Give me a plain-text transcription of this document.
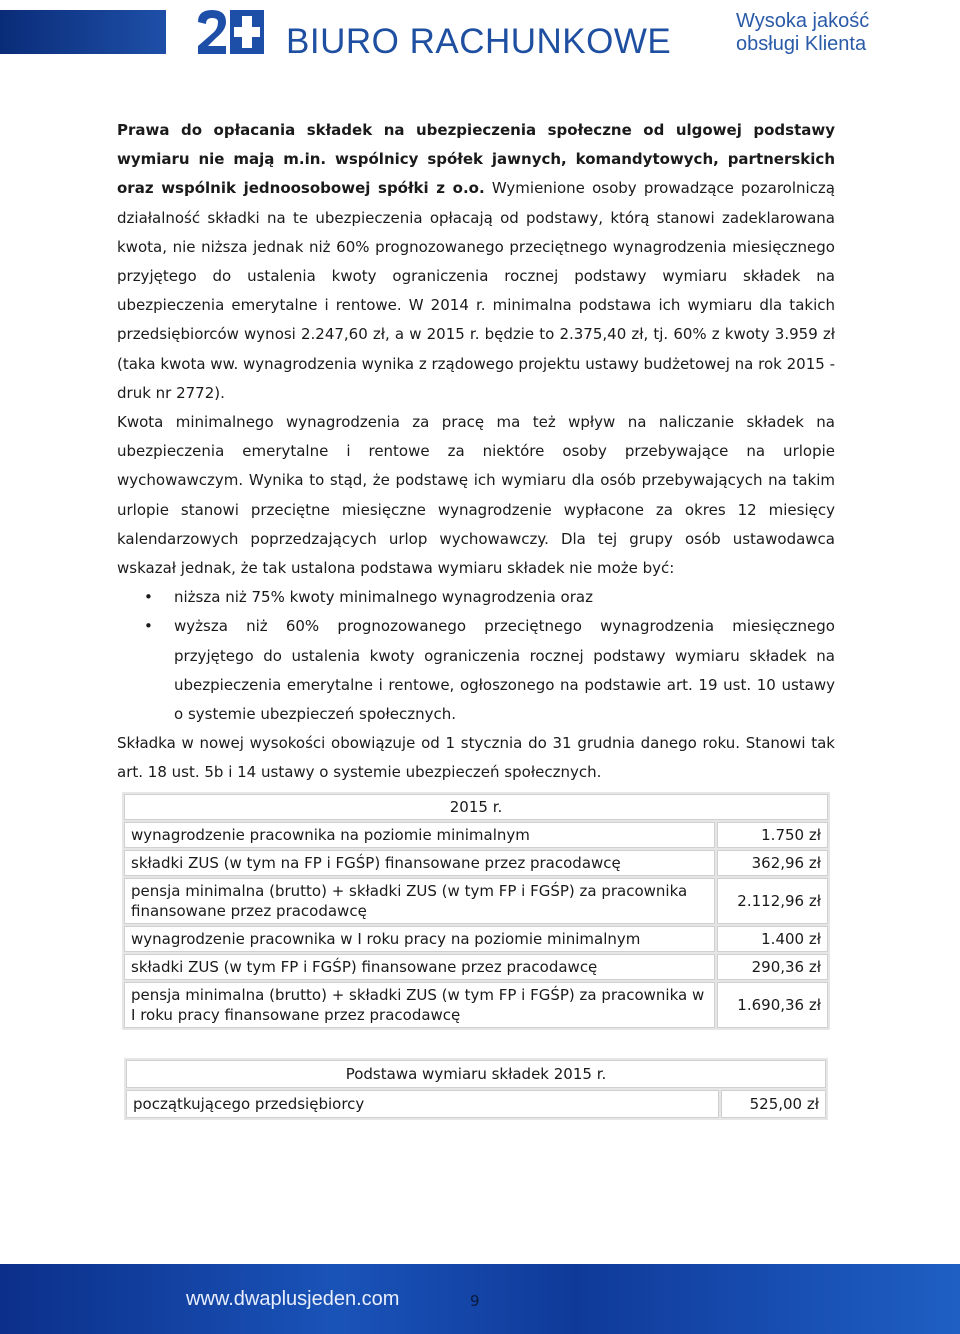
BIURO RACHUNKOWE
Wysoka jakość
obsługi Klienta

Prawa do opłacania składek na ubezpieczenia społeczne od ulgowej podstawy wymiaru nie mają m.in. wspólnicy spółek jawnych, komandytowych, partnerskich oraz wspólnik jednoosobowej spółki z o.o. Wymienione osoby prowadzące pozarolniczą działalność składki na te ubezpieczenia opłacają od podstawy, którą stanowi zadeklarowana kwota, nie niższa jednak niż 60% prognozowanego przeciętnego wynagrodzenia miesięcznego przyjętego do ustalenia kwoty ograniczenia rocznej podstawy wymiaru składek na ubezpieczenia emerytalne i rentowe. W 2014 r. minimalna podstawa ich wymiaru dla takich przedsiębiorców wynosi 2.247,60 zł, a w 2015 r. będzie to 2.375,40 zł, tj. 60% z kwoty 3.959 zł (taka kwota ww. wynagrodzenia wynika z rządowego projektu ustawy budżetowej na rok 2015 - druk nr 2772).

Kwota minimalnego wynagrodzenia za pracę ma też wpływ na naliczanie składek na ubezpieczenia emerytalne i rentowe za niektóre osoby przebywające na urlopie wychowawczym. Wynika to stąd, że podstawę ich wymiaru dla osób przebywających na takim urlopie stanowi przeciętne miesięczne wynagrodzenie wypłacone za okres 12 miesięcy kalendarzowych poprzedzających urlop wychowawczy. Dla tej grupy osób ustawodawca wskazał jednak, że tak ustalona podstawa wymiaru składek nie może być:

• niższa niż 75% kwoty minimalnego wynagrodzenia oraz
• wyższa niż 60% prognozowanego przeciętnego wynagrodzenia miesięcznego przyjętego do ustalenia kwoty ograniczenia rocznej podstawy wymiaru składek na ubezpieczenia emerytalne i rentowe, ogłoszonego na podstawie art. 19 ust. 10 ustawy o systemie ubezpieczeń społecznych.

Składka w nowej wysokości obowiązuje od 1 stycznia do 31 grudnia danego roku. Stanowi tak art. 18 ust. 5b i 14 ustawy o systemie ubezpieczeń społecznych.

2015 r.	
wynagrodzenie pracownika na poziomie minimalnym	1.750 zł
składki ZUS (w tym na FP i FGŚP) finansowane przez pracodawcę	362,96 zł
pensja minimalna (brutto) + składki ZUS (w tym FP i FGŚP) za pracownika finansowane przez pracodawcę	2.112,96 zł
wynagrodzenie pracownika w I roku pracy na poziomie minimalnym	1.400 zł
składki ZUS (w tym FP i FGŚP) finansowane przez pracodawcę	290,36 zł
pensja minimalna (brutto) + składki ZUS (w tym FP i FGŚP) za pracownika w I roku pracy finansowane przez pracodawcę	1.690,36 zł
Podstawa wymiaru składek 2015 r.
początkującego przedsiębiorcy	525,00 zł
www.dwaplusjeden.com	9
